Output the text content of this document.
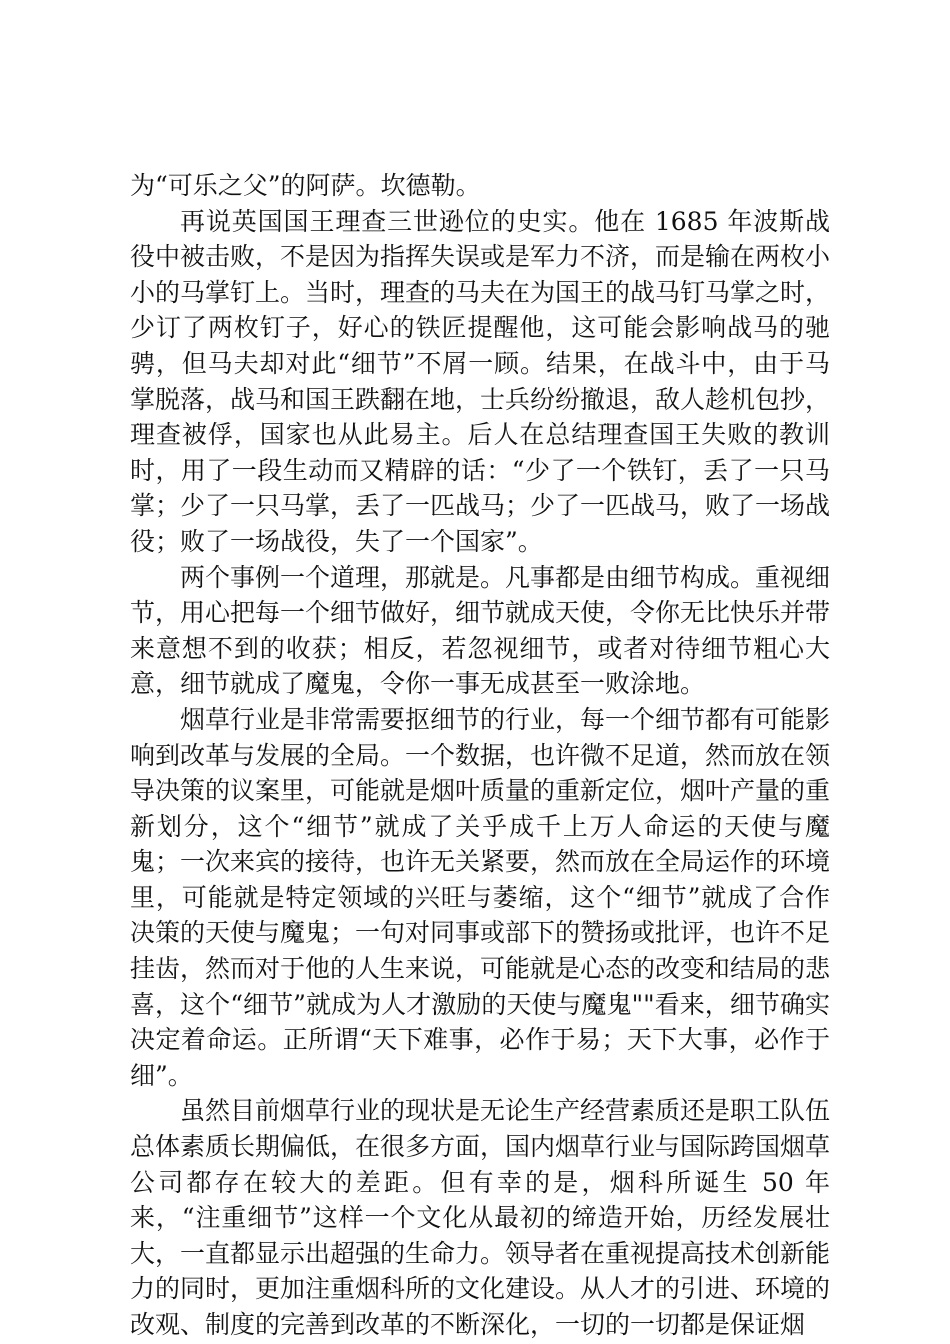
为“可乐之父”的阿萨。坎德勒。

再说英国国王理查三世逊位的史实。他在 1685 年波斯战役中被击败，不是因为指挥失误或是军力不济，而是输在两枚小小的马掌钉上。当时，理查的马夫在为国王的战马钉马掌之时，少订了两枚钉子，好心的铁匠提醒他，这可能会影响战马的驰骋，但马夫却对此“细节”不屑一顾。结果，在战斗中，由于马掌脱落，战马和国王跌翻在地，士兵纷纷撤退，敌人趁机包抄，理查被俘，国家也从此易主。后人在总结理查国王失败的教训时，用了一段生动而又精辟的话：“少了一个铁钉，丢了一只马掌；少了一只马掌，丢了一匹战马；少了一匹战马，败了一场战役；败了一场战役，失了一个国家”。

两个事例一个道理，那就是。凡事都是由细节构成。重视细节，用心把每一个细节做好，细节就成天使，令你无比快乐并带来意想不到的收获；相反，若忽视细节，或者对待细节粗心大意，细节就成了魔鬼，令你一事无成甚至一败涂地。

烟草行业是非常需要抠细节的行业，每一个细节都有可能影响到改革与发展的全局。一个数据，也许微不足道，然而放在领导决策的议案里，可能就是烟叶质量的重新定位，烟叶产量的重新划分，这个“细节”就成了关乎成千上万人命运的天使与魔鬼；一次来宾的接待，也许无关紧要，然而放在全局运作的环境里，可能就是特定领域的兴旺与萎缩，这个“细节”就成了合作决策的天使与魔鬼；一句对同事或部下的赞扬或批评，也许不足挂齿，然而对于他的人生来说，可能就是心态的改变和结局的悲喜，这个“细节”就成为人才激励的天使与魔鬼""看来，细节确实决定着命运。正所谓“天下难事，必作于易；天下大事，必作于细”。

虽然目前烟草行业的现状是无论生产经营素质还是职工队伍总体素质长期偏低，在很多方面，国内烟草行业与国际跨国烟草公司都存在较大的差距。但有幸的是，烟科所诞生 50 年来，“注重细节”这样一个文化从最初的缔造开始，历经发展壮大，一直都显示出超强的生命力。领导者在重视提高技术创新能力的同时，更加注重烟科所的文化建设。从人才的引进、环境的改观、制度的完善到改革的不断深化，一切的一切都是保证烟
